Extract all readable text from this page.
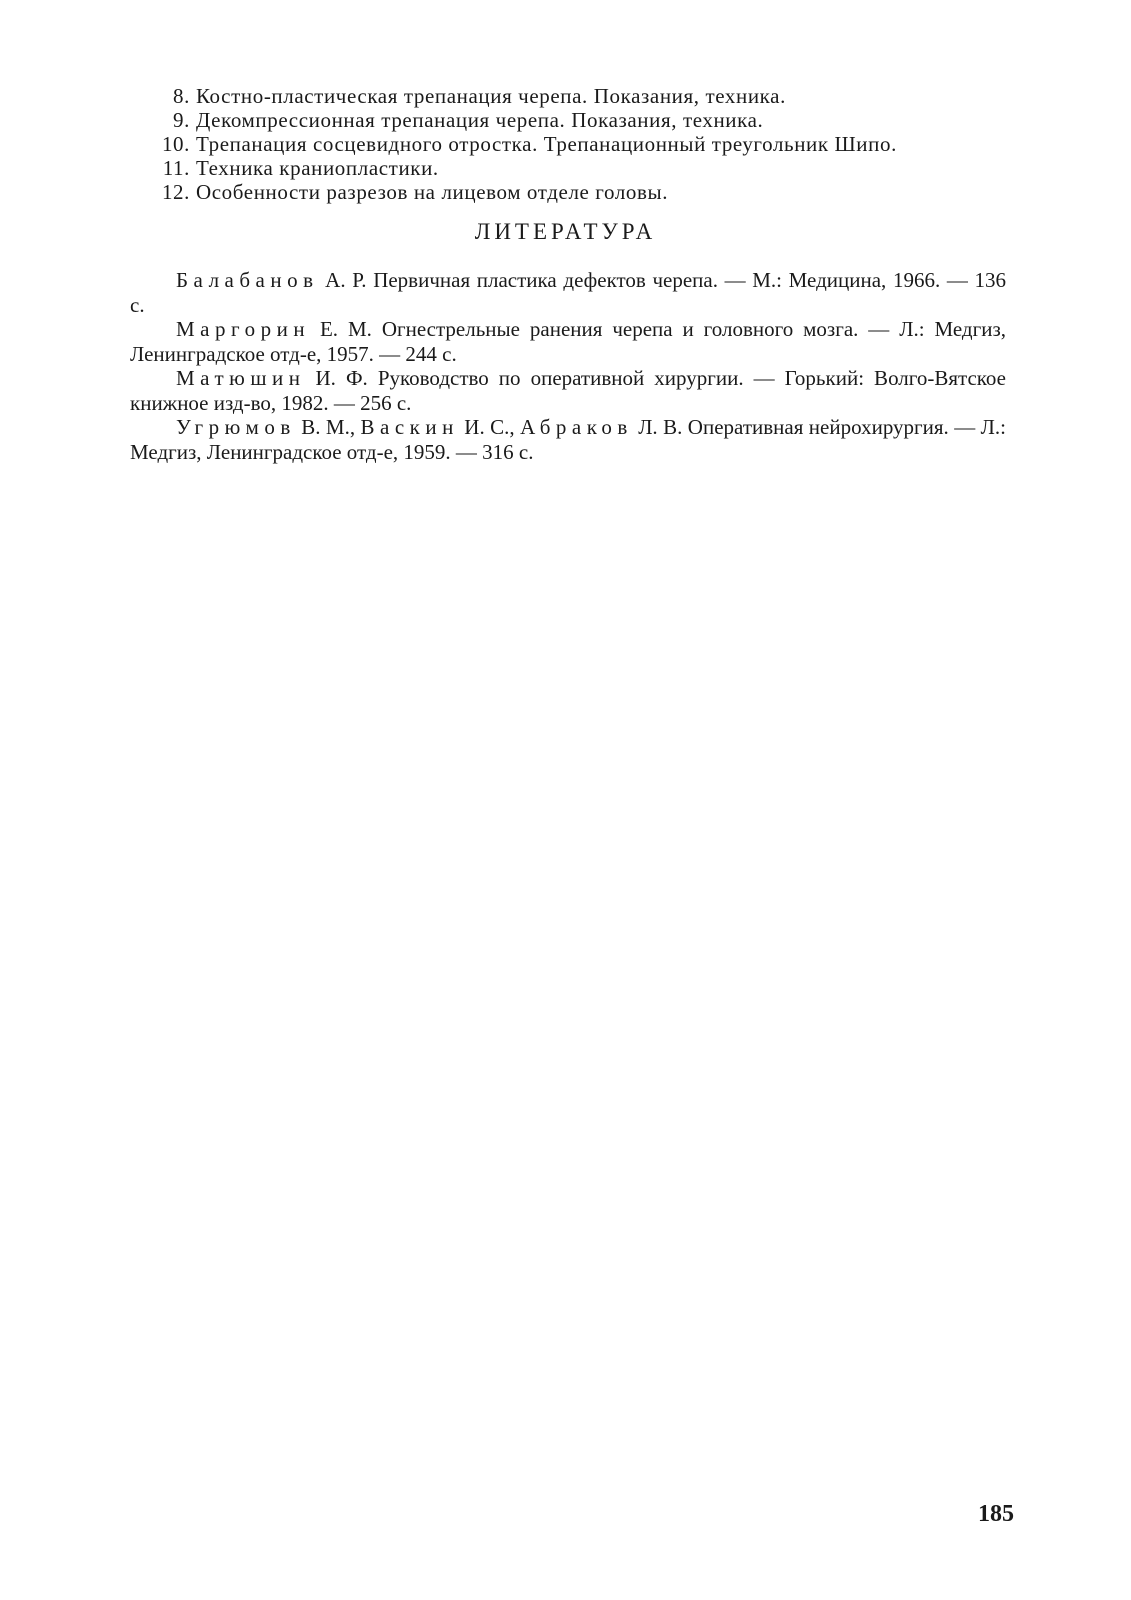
8. Костно-пластическая трепанация черепа. Показания, техника.
9. Декомпрессионная трепанация черепа. Показания, техника.
10. Трепанация сосцевидного отростка. Трепанационный треугольник Шипо.
11. Техника краниопластики.
12. Особенности разрезов на лицевом отделе головы.
ЛИТЕРАТУРА

Балабанов А. Р. Первичная пластика дефектов черепа. — М.: Медицина, 1966. — 136 с.

Маргорин Е. М. Огнестрельные ранения черепа и головного мозга. — Л.: Медгиз, Ленинградское отд-е, 1957. — 244 с.

Матюшин И. Ф. Руководство по оперативной хирургии. — Горький: Волго-Вятское книжное изд-во, 1982. — 256 с.

Угрюмов В. М., Васкин И. С., Абраков Л. В. Оперативная нейрохирургия. — Л.: Медгиз, Ленинградское отд-е, 1959. — 316 с.

185
